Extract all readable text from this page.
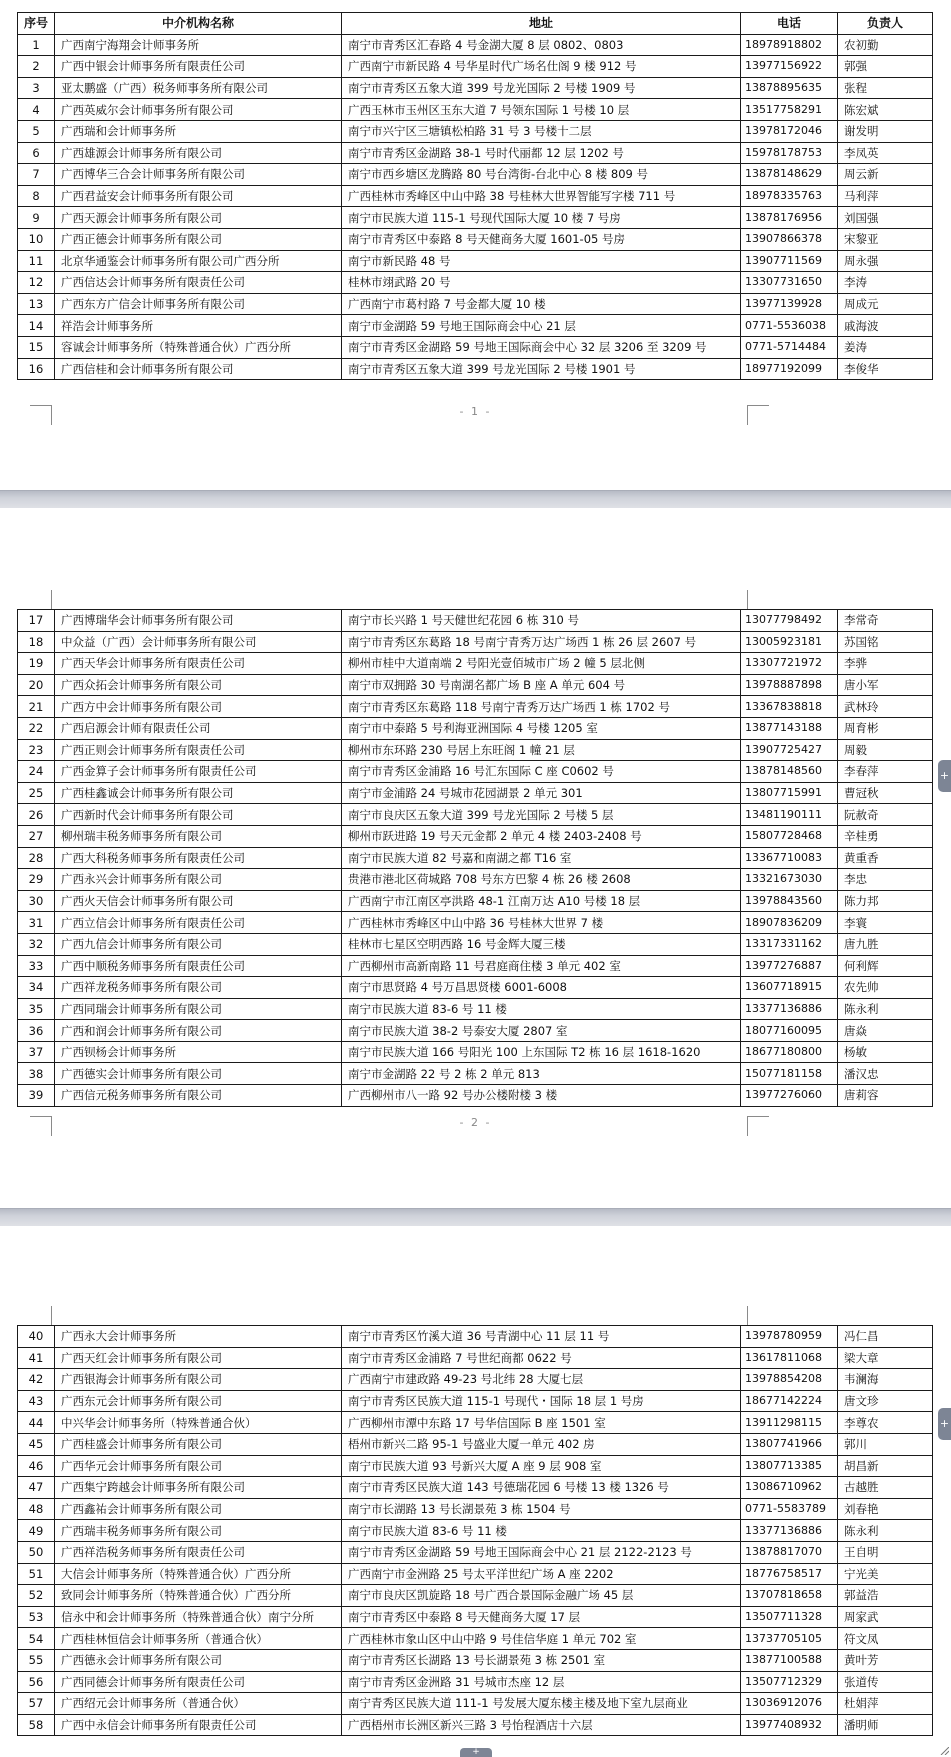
序号	中介机构名称	地址	电话	负责人
1	广西南宁海翔会计师事务所	南宁市青秀区汇春路 4 号金湖大厦 8 层 0802、0803	18978918802	农初勤
2	广西中银会计师事务所有限责任公司	广西南宁市新民路 4 号华星时代广场名仕阁 9 楼 912 号	13977156922	郭强
3	亚太鹏盛（广西）税务师事务所有限公司	南宁市青秀区五象大道 399 号龙光国际 2 号楼 1909 号	13878895635	张程
4	广西英威尔会计师事务所有限公司	广西玉林市玉州区玉东大道 7 号领东国际 1 号楼 10 层	13517758291	陈宏斌
5	广西瑞和会计师事务所	南宁市兴宁区三塘镇松柏路 31 号 3 号楼十二层	13978172046	谢发明
6	广西雄源会计师事务所有限公司	南宁市青秀区金湖路 38-1 号时代丽都 12 层 1202 号	15978178753	李凤英
7	广西博华三合会计师事务所有限公司	南宁市西乡塘区龙腾路 80 号台湾街-台北中心 8 楼 809 号	13878148629	周云新
8	广西君益安会计师事务所有限公司	广西桂林市秀峰区中山中路 38 号桂林大世界智能写字楼 711 号	18978335763	马利萍
9	广西天源会计师事务所有限公司	南宁市民族大道 115-1 号现代国际大厦 10 楼 7 号房	13878176956	刘国强
10	广西正德会计师事务所有限公司	南宁市青秀区中泰路 8 号天健商务大厦 1601-05 号房	13907866378	宋黎亚
11	北京华通鉴会计师事务所有限公司广西分所	南宁市新民路 48 号	13907711569	周永强
12	广西信达会计师事务所有限责任公司	桂林市翊武路 20 号	13307731650	李涛
13	广西东方广信会计师事务所有限公司	广西南宁市葛村路 7 号金都大厦 10 楼	13977139928	周成元
14	祥浩会计师事务所	南宁市金湖路 59 号地王国际商会中心 21 层	0771-5536038	戚海波
15	容诚会计师事务所（特殊普通合伙）广西分所	南宁市青秀区金湖路 59 号地王国际商会中心 32 层 3206 至 3209 号	0771-5714484	姜涛
16	广西信桂和会计师事务所有限公司	南宁市青秀区五象大道 399 号龙光国际 2 号楼 1901 号	18977192099	李俊华
- 1 -
17	广西博瑞华会计师事务所有限公司	南宁市长兴路 1 号天健世纪花园 6 栋 310 号	13077798492	李常奇
18	中众益（广西）会计师事务所有限公司	南宁市青秀区东葛路 18 号南宁青秀万达广场西 1 栋 26 层 2607 号	13005923181	苏国铭
19	广西天华会计师事务所有限责任公司	柳州市桂中大道南端 2 号阳光壹佰城市广场 2 幢 5 层北侧	13307721972	李骅
20	广西众拓会计师事务所有限公司	南宁市双拥路 30 号南湖名都广场 B 座 A 单元 604 号	13978887898	唐小军
21	广西方中会计师事务所有限公司	南宁市青秀区东葛路 118 号南宁青秀万达广场西 1 栋 1702 号	13367838818	武林玲
22	广西启源会计师有限责任公司	南宁市中泰路 5 号利海亚洲国际 4 号楼 1205 室	13877143188	周育彬
23	广西正则会计师事务所有限责任公司	柳州市东环路 230 号居上东旺阁 1 幢 21 层	13907725427	周毅
24	广西金算子会计师事务所有限责任公司	南宁市青秀区金浦路 16 号汇东国际 C 座 C0602 号	13878148560	李春萍
25	广西桂鑫诚会计师事务所有限公司	南宁市金浦路 24 号城市花园湖景 2 单元 301	13807715991	曹冠秋
26	广西新时代会计师事务所有限公司	南宁市良庆区五象大道 399 号龙光国际 2 号楼 5 层	13481190111	阮赦奇
27	柳州瑞丰税务师事务所有限公司	柳州市跃进路 19 号天元金都 2 单元 4 楼 2403-2408 号	15807728468	辛桂勇
28	广西大科税务师事务所有限责任公司	南宁市民族大道 82 号嘉和南湖之都 T16 室	13367710083	黄重香
29	广西永兴会计师事务所有限公司	贵港市港北区荷城路 708 号东方巴黎 4 栋 26 楼 2608	13321673030	李忠
30	广西火天信会计师事务所有限公司	广西南宁市江南区亭洪路 48-1 江南万达 A10 号楼 18 层	13978843560	陈力邦
31	广西立信会计师事务所有限责任公司	广西桂林市秀峰区中山中路 36 号桂林大世界 7 楼	18907836209	李寰
32	广西九信会计师事务所有限公司	桂林市七星区空明西路 16 号金辉大厦三楼	13317331162	唐九胜
33	广西中顺税务师事务所有限责任公司	广西柳州市高新南路 11 号君庭商住楼 3 单元 402 室	13977276887	何利辉
34	广西祥龙税务师事务所有限公司	南宁市思贤路 4 号万昌思贤楼 6001-6008	13607718915	农先帅
35	广西同瑞会计师事务所有限公司	南宁市民族大道 83-6 号 11 楼	13377136886	陈永利
36	广西和润会计师事务所有限公司	南宁市民族大道 38-2 号泰安大厦 2807 室	18077160095	唐焱
37	广西钡杨会计师事务所	南宁市民族大道 166 号阳光 100 上东国际 T2 栋 16 层 1618-1620	18677180800	杨敏
38	广西德实会计师事务所有限公司	南宁市金湖路 22 号 2 栋 2 单元 813	15077181158	潘汉忠
39	广西信元税务师事务所有限公司	广西柳州市八一路 92 号办公楼附楼 3 楼	13977276060	唐莉容
- 2 -
+
40	广西永大会计师事务所	南宁市青秀区竹溪大道 36 号青湖中心 11 层 11 号	13978780959	冯仁昌
41	广西天红会计师事务所有限公司	南宁市青秀区金浦路 7 号世纪商都 0622 号	13617811068	梁大章
42	广西银海会计师事务所有限公司	广西南宁市建政路 49-23 号北纬 28 大厦七层	13978854208	韦澜海
43	广西东元会计师事务所有限公司	南宁市青秀区民族大道 115-1 号现代・国际 18 层 1 号房	18677142224	唐文珍
44	中兴华会计师事务所（特殊普通合伙）	广西柳州市潭中东路 17 号华信国际 B 座 1501 室	13911298115	李尊农
45	广西桂盛会计师事务所有限公司	梧州市新兴二路 95-1 号盛业大厦一单元 402 房	13807741966	郭川
46	广西华元会计师事务所有限公司	南宁市民族大道 93 号新兴大厦 A 座 9 层 908 室	13807713385	胡昌新
47	广西集宁跨越会计师事务所有限公司	南宁市青秀区民族大道 143 号德瑞花园 6 号楼 13 楼 1326 号	13086710962	古越胜
48	广西鑫祐会计师事务所有限公司	南宁市长湖路 13 号长湖景苑 3 栋 1504 号	0771-5583789	刘春艳
49	广西瑞丰税务师事务所有限公司	南宁市民族大道 83-6 号 11 楼	13377136886	陈永利
50	广西祥浩税务师事务所有限责任公司	南宁市青秀区金湖路 59 号地王国际商会中心 21 层 2122-2123 号	13878817070	王自明
51	大信会计师事务所（特殊普通合伙）广西分所	广西南宁市金洲路 25 号太平洋世纪广场 A 座 2202	18776758517	宁光美
52	致同会计师事务所（特殊普通合伙）广西分所	南宁市良庆区凯旋路 18 号广西合景国际金融广场 45 层	13707818658	郭益浩
53	信永中和会计师事务所（特殊普通合伙）南宁分所	南宁市青秀区中泰路 8 号天健商务大厦 17 层	13507711328	周家武
54	广西桂林恒信会计师事务所（普通合伙）	广西桂林市象山区中山中路 9 号佳信华庭 1 单元 702 室	13737705105	符文凤
55	广西德永会计师事务所有限公司	南宁市青秀区长湖路 13 号长湖景苑 3 栋 2501 室	13877100588	黄叶芳
56	广西同德会计师事务所有限责任公司	南宁市青秀区金洲路 31 号城市杰座 12 层	13507712329	张道传
57	广西绍元会计师事务所（普通合伙）	南宁青秀区民族大道 111-1 号发展大厦东楼主楼及地下室九层商业	13036912076	杜娟萍
58	广西中永信会计师事务所有限责任公司	广西梧州市长洲区新兴三路 3 号怡程酒店十六层	13977408932	潘明师
+
+
